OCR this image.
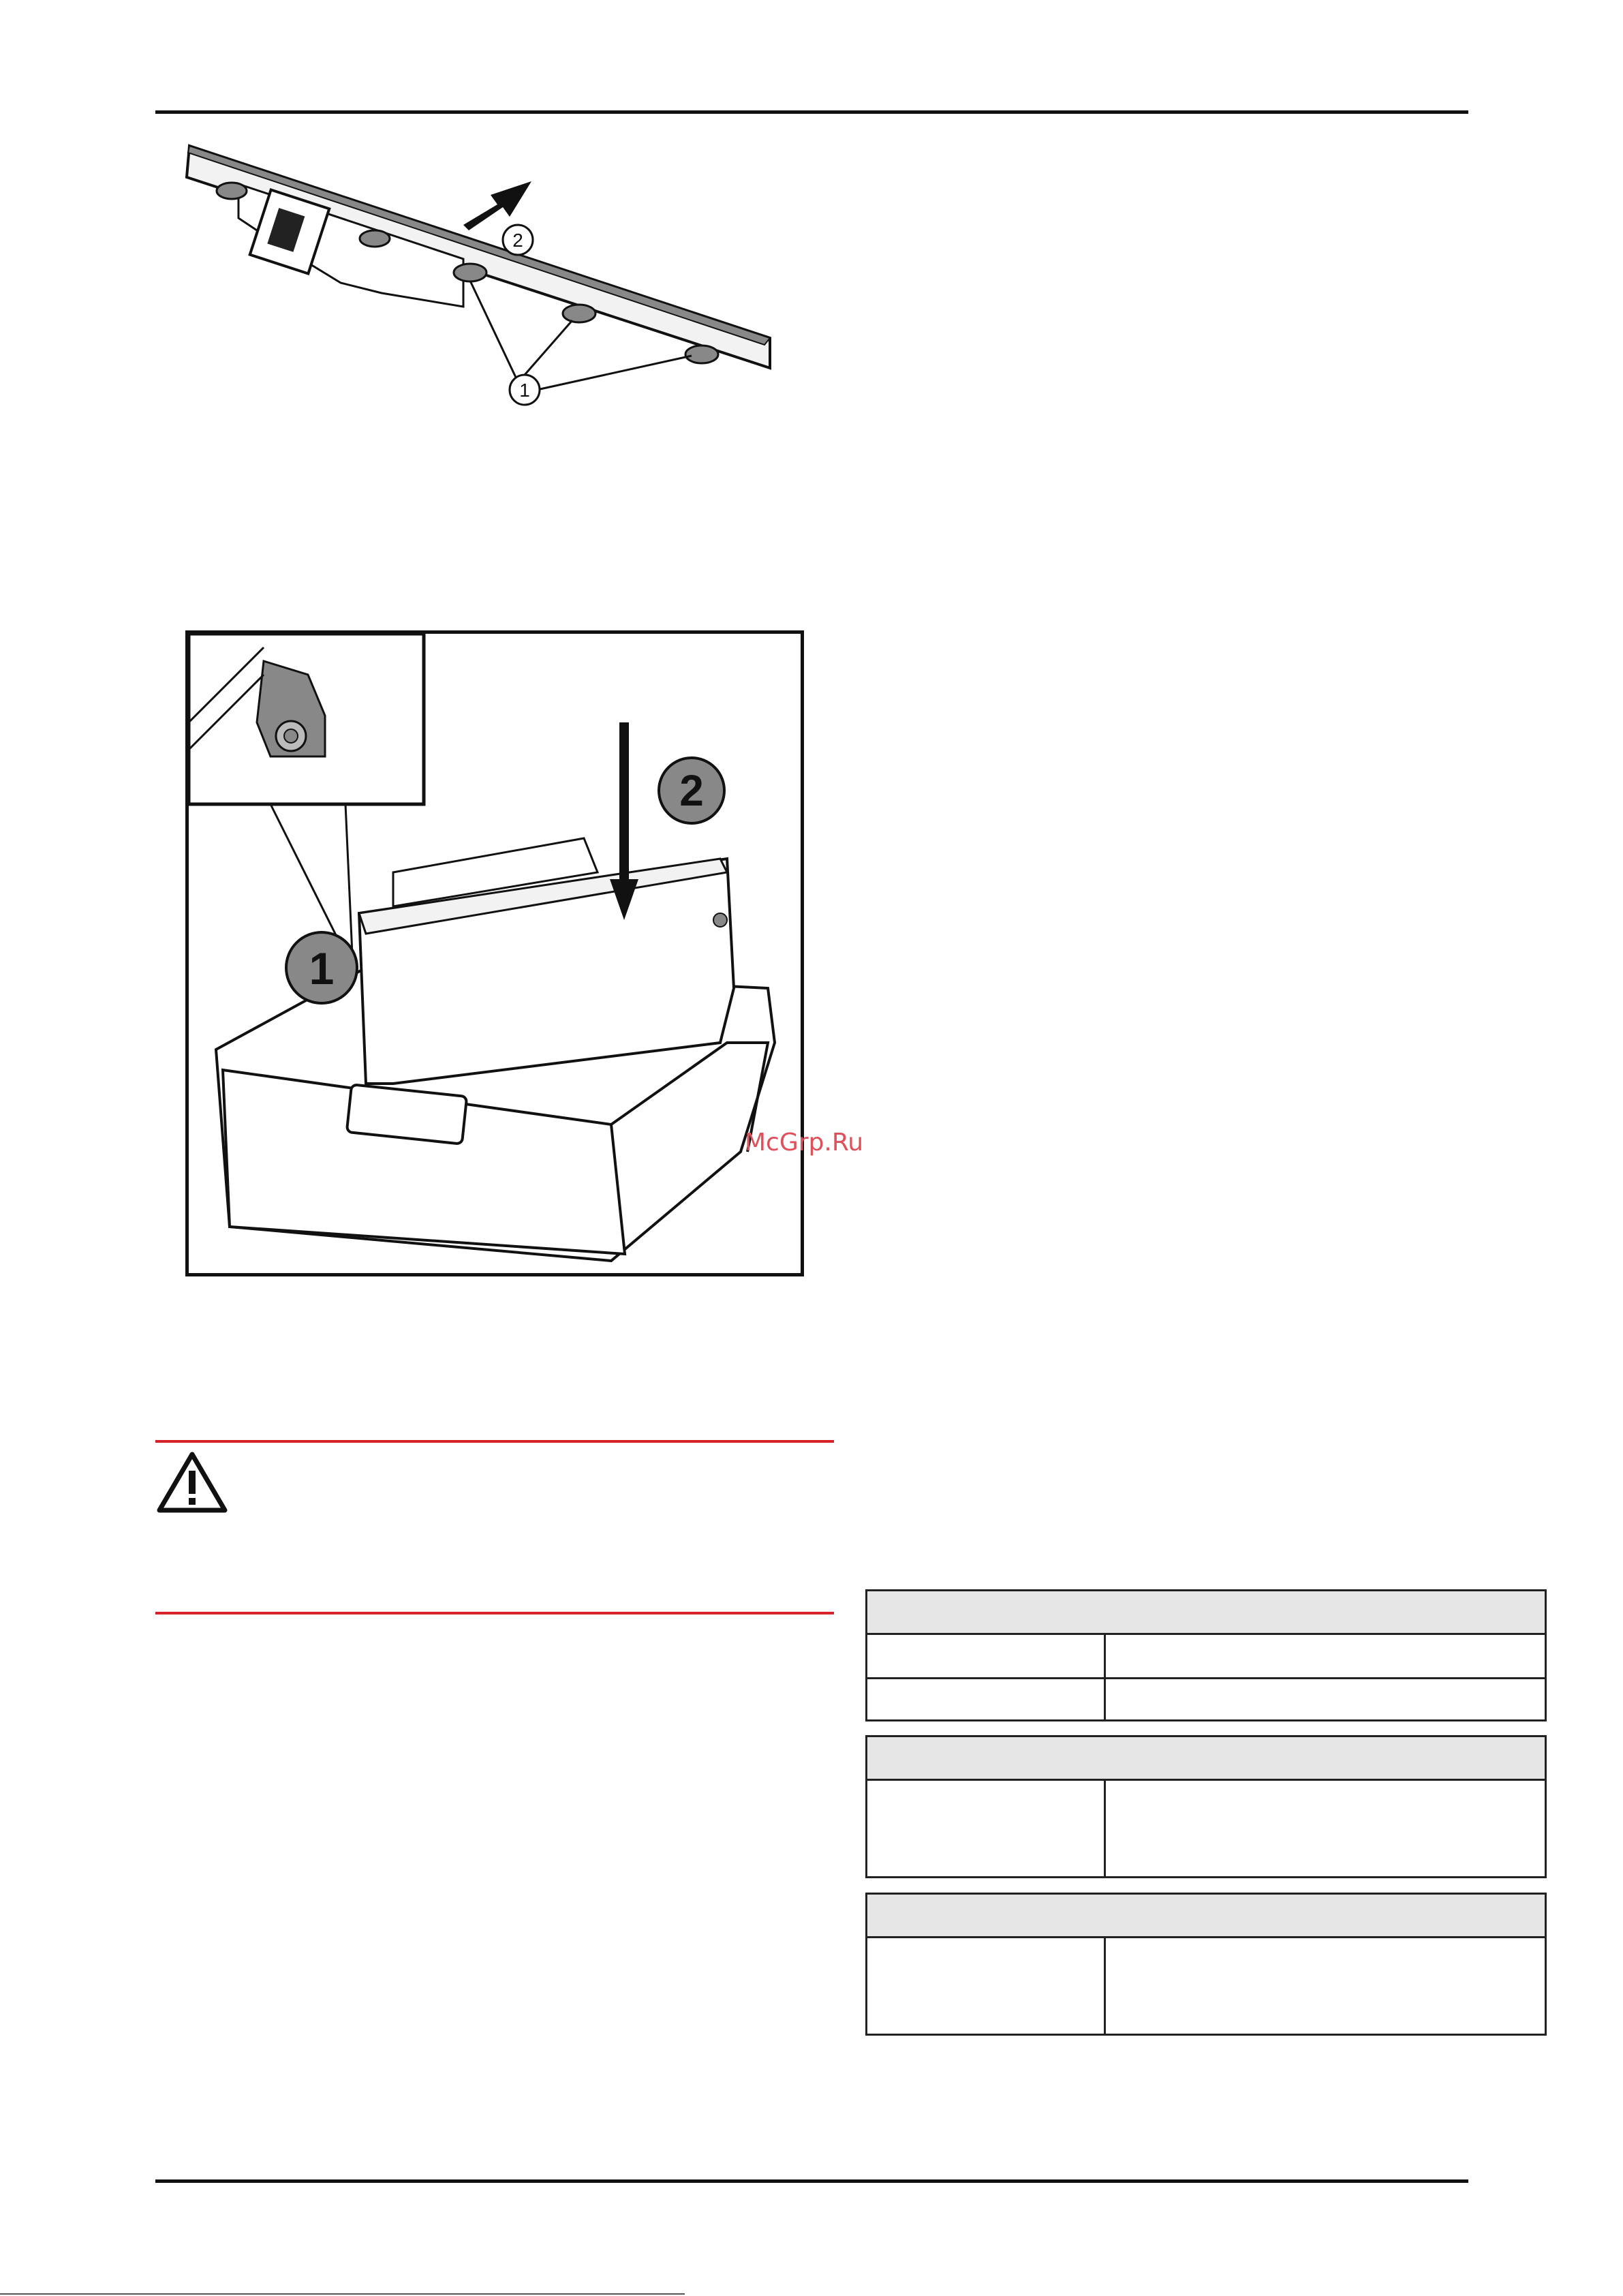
2
1
2
1
McGrp.Ru
